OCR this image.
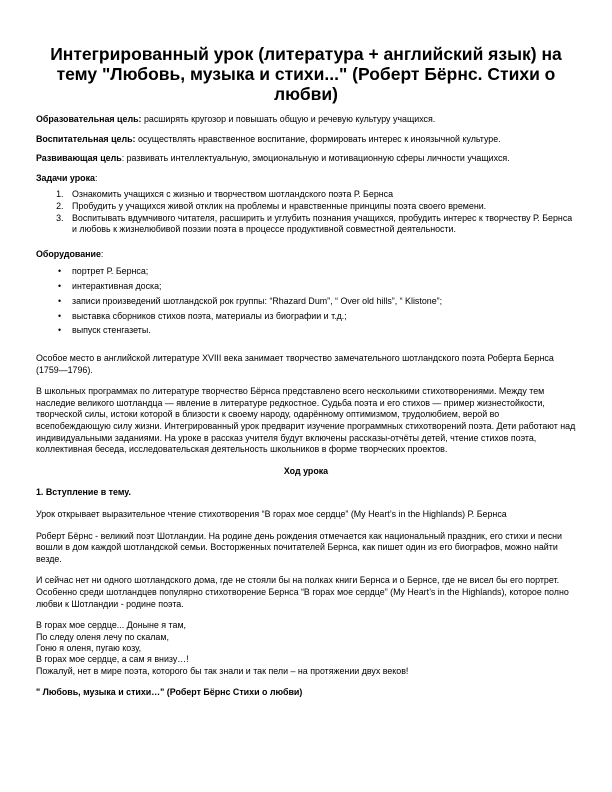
Интегрированный урок (литература + английский язык) на тему "Любовь, музыка и стихи..." (Роберт Бёрнс. Стихи о любви)

Образовательная цель: расширять кругозор и повышать общую и речевую культуру учащихся.

Воспитательная цель: осуществлять нравственное воспитание, формировать интерес к иноязычной культуре.

Развивающая цель: развивать интеллектуальную, эмоциональную и мотивационную сферы личности учащихся.

Задачи урока:

1. Ознакомить учащихся с жизнью и творчеством шотландского поэта Р. Бернса
2. Пробудить у учащихся живой отклик на проблемы и нравственные принципы поэта своего времени.
3. Воспитывать вдумчивого читателя, расширить и углубить познания учащихся, пробудить интерес к творчеству Р. Бернса и любовь к жизнелюбивой поэзии поэта в процессе продуктивной совместной деятельности.

Оборудование:

• портрет Р. Бернса;
• интерактивная доска;
• записи произведений шотландской рок группы: “Rhazard Dum”, “ Over old hills”, “ Klistone”;
• выставка сборников стихов поэта, материалы из биографии и т.д.;
• выпуск стенгазеты.

Особое место в английской литературе XVIII века занимает творчество замечательного шотландского поэта Роберта Бернса (1759—1796).

В школьных программах по литературе творчество Бёрнса представлено всего несколькими стихотворениями. Между тем наследие великого шотландца — явление в литературе редкостное. Судьба поэта и его стихов — пример жизнестойкости, творческой силы, истоки которой в близости к своему народу, одарённому оптимизмом, трудолюбием, верой во всепобеждающую силу жизни. Интегрированный урок предварит изучение программных стихотворений поэта. Дети работают над индивидуальными заданиями. На уроке в рассказ учителя будут включены рассказы-отчёты детей, чтение стихов поэта, коллективная беседа, исследовательская деятельность школьников в форме творческих проектов.

Ход урока

1. Вступление в тему.

Урок открывает выразительное чтение стихотворения “В горах мое сердце” (My Heart’s in the Highlands) Р. Бернса

Роберт Бёрнс - великий поэт Шотландии. На родине день рождения отмечается как национальный праздник, его стихи и песни вошли в дом каждой шотландской семьи. Восторженных почитателей Бернса, как пишет один из его биографов, можно найти везде.

И сейчас нет ни одного шотландского дома, где не стояли бы на полках книги Бернса и о Бернсе, где не висел бы его портрет. Особенно среди шотландцев популярно стихотворение Бернса “В горах мое сердце” (My Heart’s in the Highlands), которое полно любви к Шотландии - родине поэта.

В горах мое сердце... Доныне я там,

По следу оленя лечу по скалам,

Гоню я оленя, пугаю козу,

В горах мое сердце, а сам я внизу…!

Пожалуй, нет в мире поэта, которого бы так знали и так пели – на протяжении двух веков!

" Любовь, музыка и стихи…" (Роберт Бёрнс Стихи о любви)
